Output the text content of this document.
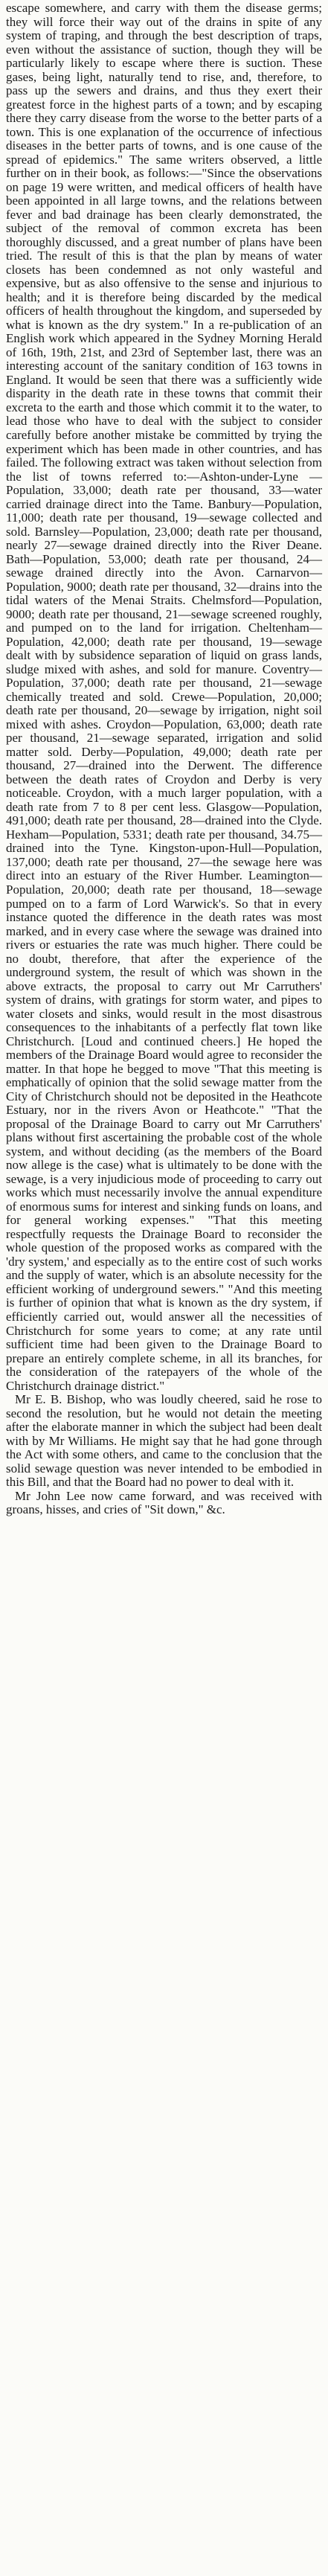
escape somewhere, and carry with them the disease germs; they will force their way out of the drains in spite of any system of traping, and through the best description of traps, even without the assistance of suction, though they will be particularly likely to escape where there is suction. These gases, being light, naturally tend to rise, and, therefore, to pass up the sewers and drains, and thus they exert their greatest force in the highest parts of a town; and by escaping there they carry disease from the worse to the better parts of a town. This is one explanation of the occurrence of infectious diseases in the better parts of towns, and is one cause of the spread of epidemics." The same writers observed, a little further on in their book, as follows:—"Since the observations on page 19 were written, and medical officers of health have been appointed in all large towns, and the relations between fever and bad drainage has been clearly demonstrated, the subject of the removal of common excreta has been thoroughly discussed, and a great number of plans have been tried. The result of this is that the plan by means of water closets has been condemned as not only wasteful and expensive, but as also offensive to the sense and injurious to health; and it is therefore being discarded by the medical officers of health throughout the kingdom, and superseded by what is known as the dry system." In a re-publication of an English work which appeared in the Sydney Morning Herald of 16th, 19th, 21st, and 23rd of September last, there was an interesting account of the sanitary condition of 163 towns in England. It would be seen that there was a sufficiently wide disparity in the death rate in these towns that commit their excreta to the earth and those which commit it to the water, to lead those who have to deal with the subject to consider carefully before another mistake be committed by trying the experiment which has been made in other countries, and has failed. The following extract was taken without selection from the list of towns referred to:—Ashton-under-Lyne — Population, 33,000; death rate per thousand, 33—water carried drainage direct into the Tame. Banbury—Population, 11,000; death rate per thousand, 19—sewage collected and sold. Barnsley—Population, 23,000; death rate per thousand, nearly 27—sewage drained directly into the River Deane. Bath—Population, 53,000; death rate per thousand, 24—sewage drained directly into the Avon. Carnarvon—Population, 9000; death rate per thousand, 32—drains into the tidal waters of the Menai Straits. Chelmsford—Population, 9000; death rate per thousand, 21—sewage screened roughly, and pumped on to the land for irrigation. Cheltenham—Population, 42,000; death rate per thousand, 19—sewage dealt with by subsidence separation of liquid on grass lands, sludge mixed with ashes, and sold for manure. Coventry—Population, 37,000; death rate per thousand, 21—sewage chemically treated and sold. Crewe—Population, 20,000; death rate per thousand, 20—sewage by irrigation, night soil mixed with ashes. Croydon—Population, 63,000; death rate per thousand, 21—sewage separated, irrigation and solid matter sold. Derby—Population, 49,000; death rate per thousand, 27—drained into the Derwent. The difference between the death rates of Croydon and Derby is very noticeable. Croydon, with a much larger population, with a death rate from 7 to 8 per cent less. Glasgow—Population, 491,000; death rate per thousand, 28—drained into the Clyde. Hexham—Population, 5331; death rate per thousand, 34.75—drained into the Tyne. Kingston-upon-Hull—Population, 137,000; death rate per thousand, 27—the sewage here was direct into an estuary of the River Humber. Leamington—Population, 20,000; death rate per thousand, 18—sewage pumped on to a farm of Lord Warwick's. So that in every instance quoted the difference in the death rates was most marked, and in every case where the sewage was drained into rivers or estuaries the rate was much higher. There could be no doubt, therefore, that after the experience of the underground system, the result of which was shown in the above extracts, the proposal to carry out Mr Carruthers' system of drains, with gratings for storm water, and pipes to water closets and sinks, would result in the most disastrous consequences to the inhabitants of a perfectly flat town like Christchurch. [Loud and continued cheers.] He hoped the members of the Drainage Board would agree to reconsider the matter. In that hope he begged to move "That this meeting is emphatically of opinion that the solid sewage matter from the City of Christchurch should not be deposited in the Heathcote Estuary, nor in the rivers Avon or Heathcote." "That the proposal of the Drainage Board to carry out Mr Carruthers' plans without first ascertaining the probable cost of the whole system, and without deciding (as the members of the Board now allege is the case) what is ultimately to be done with the sewage, is a very injudicious mode of proceeding to carry out works which must necessarily involve the annual expenditure of enormous sums for interest and sinking funds on loans, and for general working expenses." "That this meeting respectfully requests the Drainage Board to reconsider the whole question of the proposed works as compared with the 'dry system,' and especially as to the entire cost of such works and the supply of water, which is an absolute necessity for the efficient working of underground sewers." "And this meeting is further of opinion that what is known as the dry system, if efficiently carried out, would answer all the necessities of Christchurch for some years to come; at any rate until sufficient time had been given to the Drainage Board to prepare an entirely complete scheme, in all its branches, for the consideration of the ratepayers of the whole of the Christchurch drainage district."

Mr E. B. Bishop, who was loudly cheered, said he rose to second the resolution, but he would not detain the meeting after the elaborate manner in which the subject had been dealt with by Mr Williams. He might say that he had gone through the Act with some others, and came to the conclusion that the solid sewage question was never intended to be embodied in this Bill, and that the Board had no power to deal with it.

Mr John Lee now came forward, and was received with groans, hisses, and cries of "Sit down," &c.
